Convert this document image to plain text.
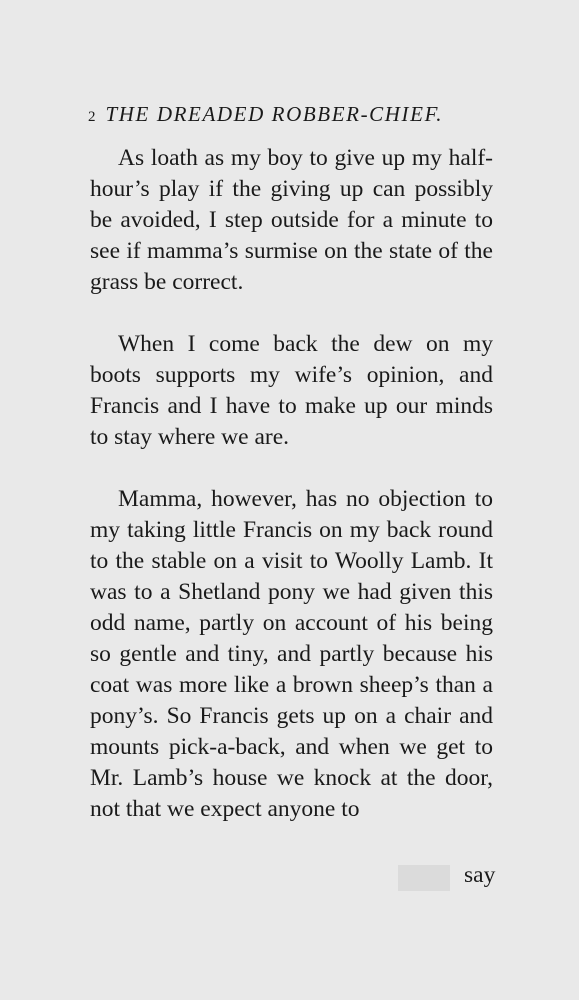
2 THE DREADED ROBBER-CHIEF.

As loath as my boy to give up my half-hour’s play if the giving up can possibly be avoided, I step outside for a minute to see if mamma’s surmise on the state of the grass be correct.

When I come back the dew on my boots supports my wife’s opinion, and Francis and I have to make up our minds to stay where we are.

Mamma, however, has no objection to my taking little Francis on my back round to the stable on a visit to Woolly Lamb. It was to a Shetland pony we had given this odd name, partly on account of his being so gentle and tiny, and partly because his coat was more like a brown sheep’s than a pony’s. So Francis gets up on a chair and mounts pick-a-back, and when we get to Mr. Lamb’s house we knock at the door, not that we expect anyone to

say
